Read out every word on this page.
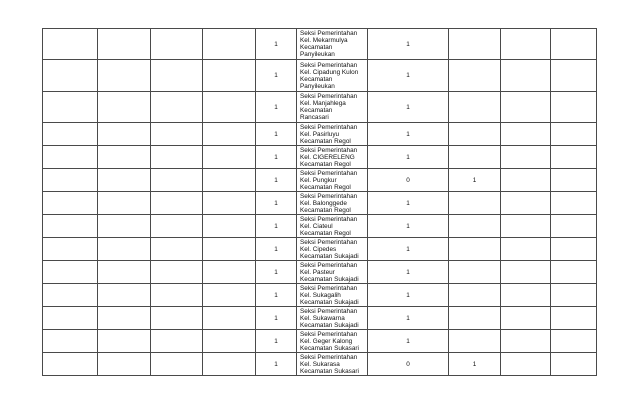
				1	Seksi Pemerintahan
Kel. Mekarmulya
Kecamatan
Panyileukan	1			
				1	Seksi Pemerintahan
Kel. Cipadung Kulon
Kecamatan
Panyileukan	1			
				1	Seksi Pemerintahan
Kel. Manjahlega
Kecamatan
Rancasari	1			
				1	Seksi Pemerintahan
Kel. Pasirluyu
Kecamatan Regol	1			
				1	Seksi Pemerintahan
Kel. CIGERELENG
Kecamatan Regol	1			
				1	Seksi Pemerintahan
Kel. Pungkur
Kecamatan Regol	0	1		
				1	Seksi Pemerintahan
Kel. Balonggede
Kecamatan Regol	1			
				1	Seksi Pemerintahan
Kel. Ciateul
Kecamatan Regol	1			
				1	Seksi Pemerintahan
Kel. Cipedes
Kecamatan Sukajadi	1			
				1	Seksi Pemerintahan
Kel. Pasteur
Kecamatan Sukajadi	1			
				1	Seksi Pemerintahan
Kel. Sukagalih
Kecamatan Sukajadi	1			
				1	Seksi Pemerintahan
Kel. Sukawarna
Kecamatan Sukajadi	1			
				1	Seksi Pemerintahan
Kel. Geger Kalong
Kecamatan Sukasari	1			
				1	Seksi Pemerintahan
Kel. Sukarasa
Kecamatan Sukasari	0	1		
